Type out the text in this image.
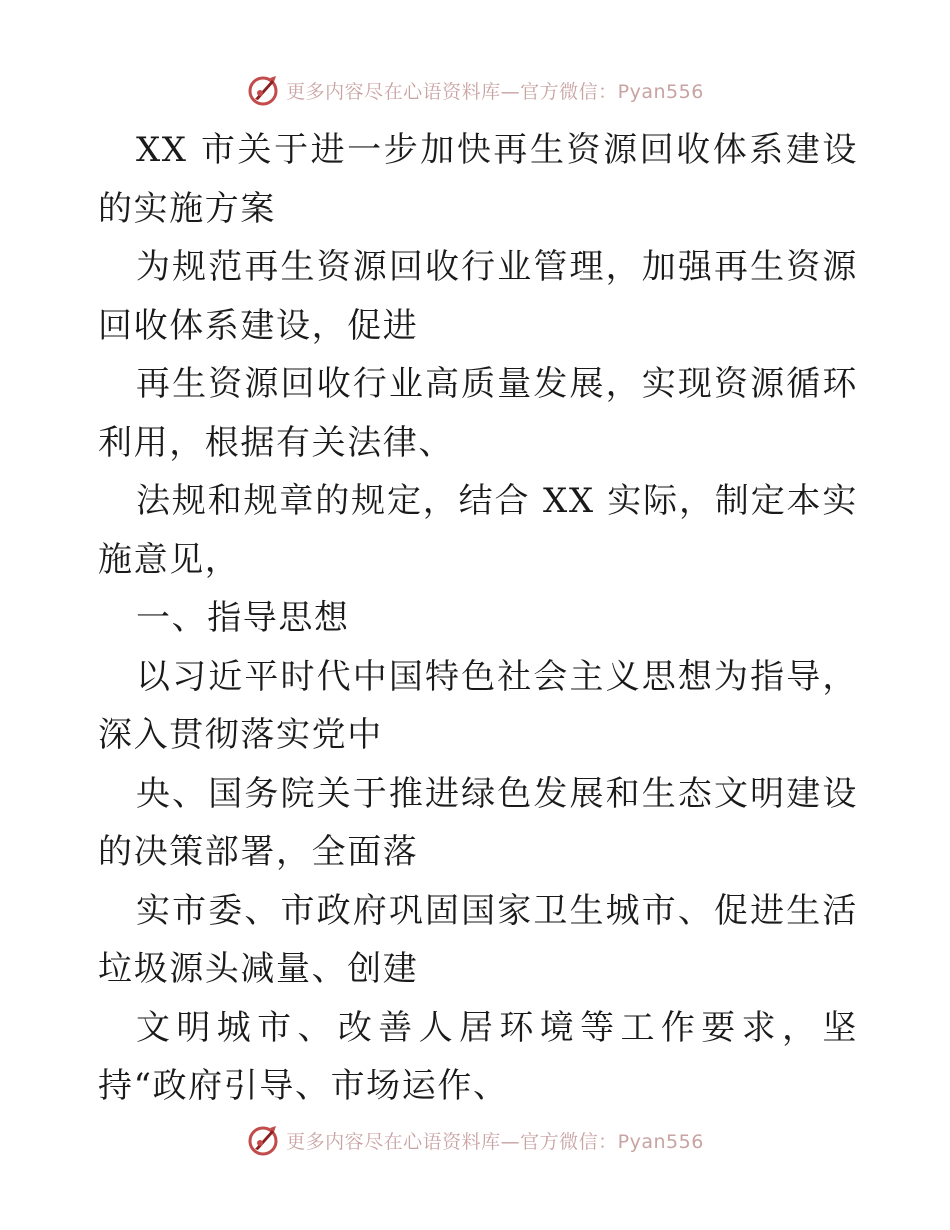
更多内容尽在心语资料库—官方微信：Pyan556

XX 市关于进一步加快再生资源回收体系建设的实施方案

为规范再生资源回收行业管理，加强再生资源回收体系建设，促进

再生资源回收行业高质量发展，实现资源循环利用，根据有关法律、

法规和规章的规定，结合 XX 实际，制定本实施意见，

一、指导思想

以习近平时代中国特色社会主义思想为指导，深入贯彻落实党中

央、国务院关于推进绿色发展和生态文明建设的决策部署，全面落

实市委、市政府巩固国家卫生城市、促进生活垃圾源头减量、创建

文明城市、改善人居环境等工作要求，坚持“政府引导、市场运作、

更多内容尽在心语资料库—官方微信：Pyan556
